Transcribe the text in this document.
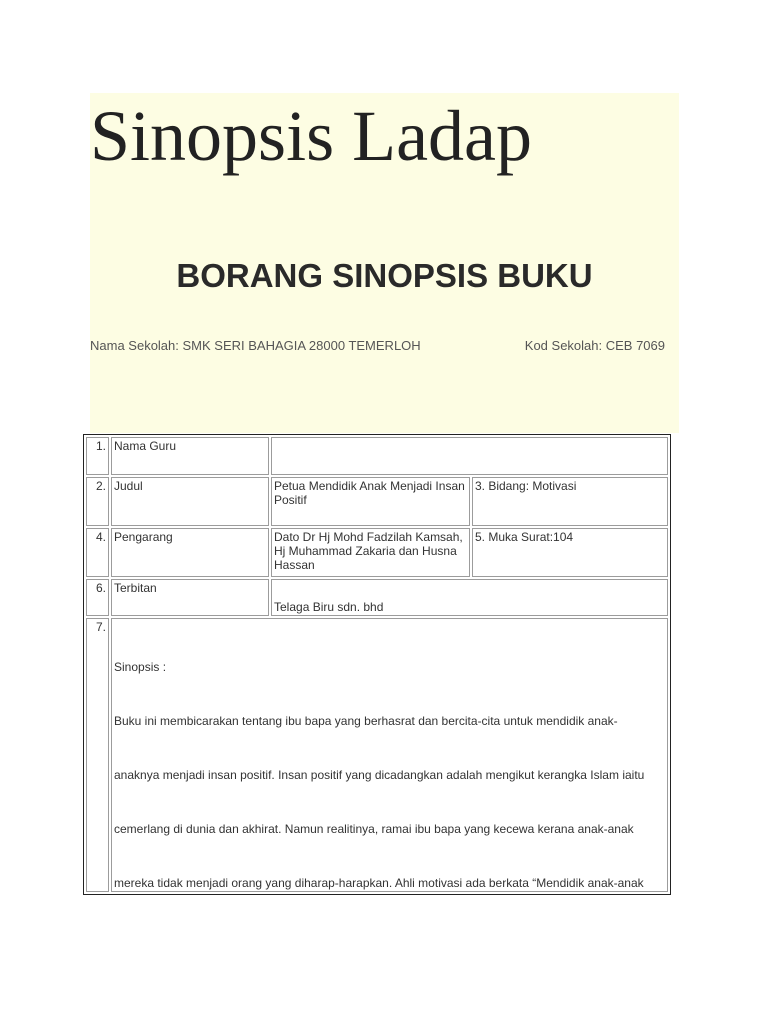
Sinopsis Ladap
BORANG SINOPSIS BUKU
Nama Sekolah: SMK SERI BAHAGIA 28000 TEMERLOH	Kod Sekolah: CEB 7069
1.	Nama Guru		
2.	Judul	Petua Mendidik Anak Menjadi Insan Positif	3. Bidang: Motivasi
4.	Pengarang	Dato Dr Hj Mohd Fadzilah Kamsah, Hj Muhammad Zakaria dan Husna Hassan	5. Muka Surat:104
6.	Terbitan	Telaga Biru sdn. bhd	
7.	Sinopsis :

Buku ini membicarakan tentang ibu bapa yang berhasrat dan bercita-cita untuk mendidik anak-

anaknya menjadi insan positif. Insan positif yang dicadangkan adalah mengikut kerangka Islam iaitu

cemerlang di dunia dan akhirat. Namun realitinya, ramai ibu bapa yang kecewa kerana anak-anak

mereka tidak menjadi orang yang diharap-harapkan. Ahli motivasi ada berkata “Mendidik anak-anak		
